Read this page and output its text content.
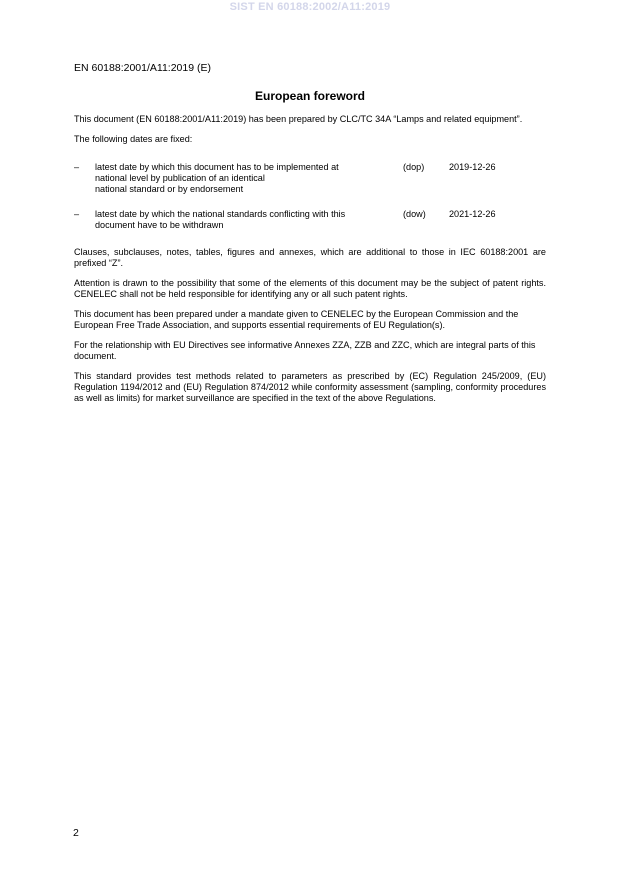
SIST EN 60188:2002/A11:2019
EN 60188:2001/A11:2019 (E)
European foreword

This document (EN 60188:2001/A11:2019) has been prepared by CLC/TC 34A “Lamps and related equipment”.

The following dates are fixed:

– latest date by which this document has to be implemented at
national level by publication of an identical
national standard or by endorsement
(dop)	2019-12-26
– latest date by which the national standards conflicting with this
document have to be withdrawn
(dow)	2021-12-26

Clauses, subclauses, notes, tables, figures and annexes, which are additional to those in IEC 60188:2001 are prefixed “Z”.

Attention is drawn to the possibility that some of the elements of this document may be the subject of patent rights. CENELEC shall not be held responsible for identifying any or all such patent rights.

This document has been prepared under a mandate given to CENELEC by the European Commission and the European Free Trade Association, and supports essential requirements of EU Regulation(s).

For the relationship with EU Directives see informative Annexes ZZA, ZZB and ZZC, which are integral parts of this document.

This standard provides test methods related to parameters as prescribed by (EC) Regulation 245/2009, (EU) Regulation 1194/2012 and (EU) Regulation 874/2012 while conformity assessment (sampling, conformity procedures as well as limits) for market surveillance are specified in the text of the above Regulations.

2
